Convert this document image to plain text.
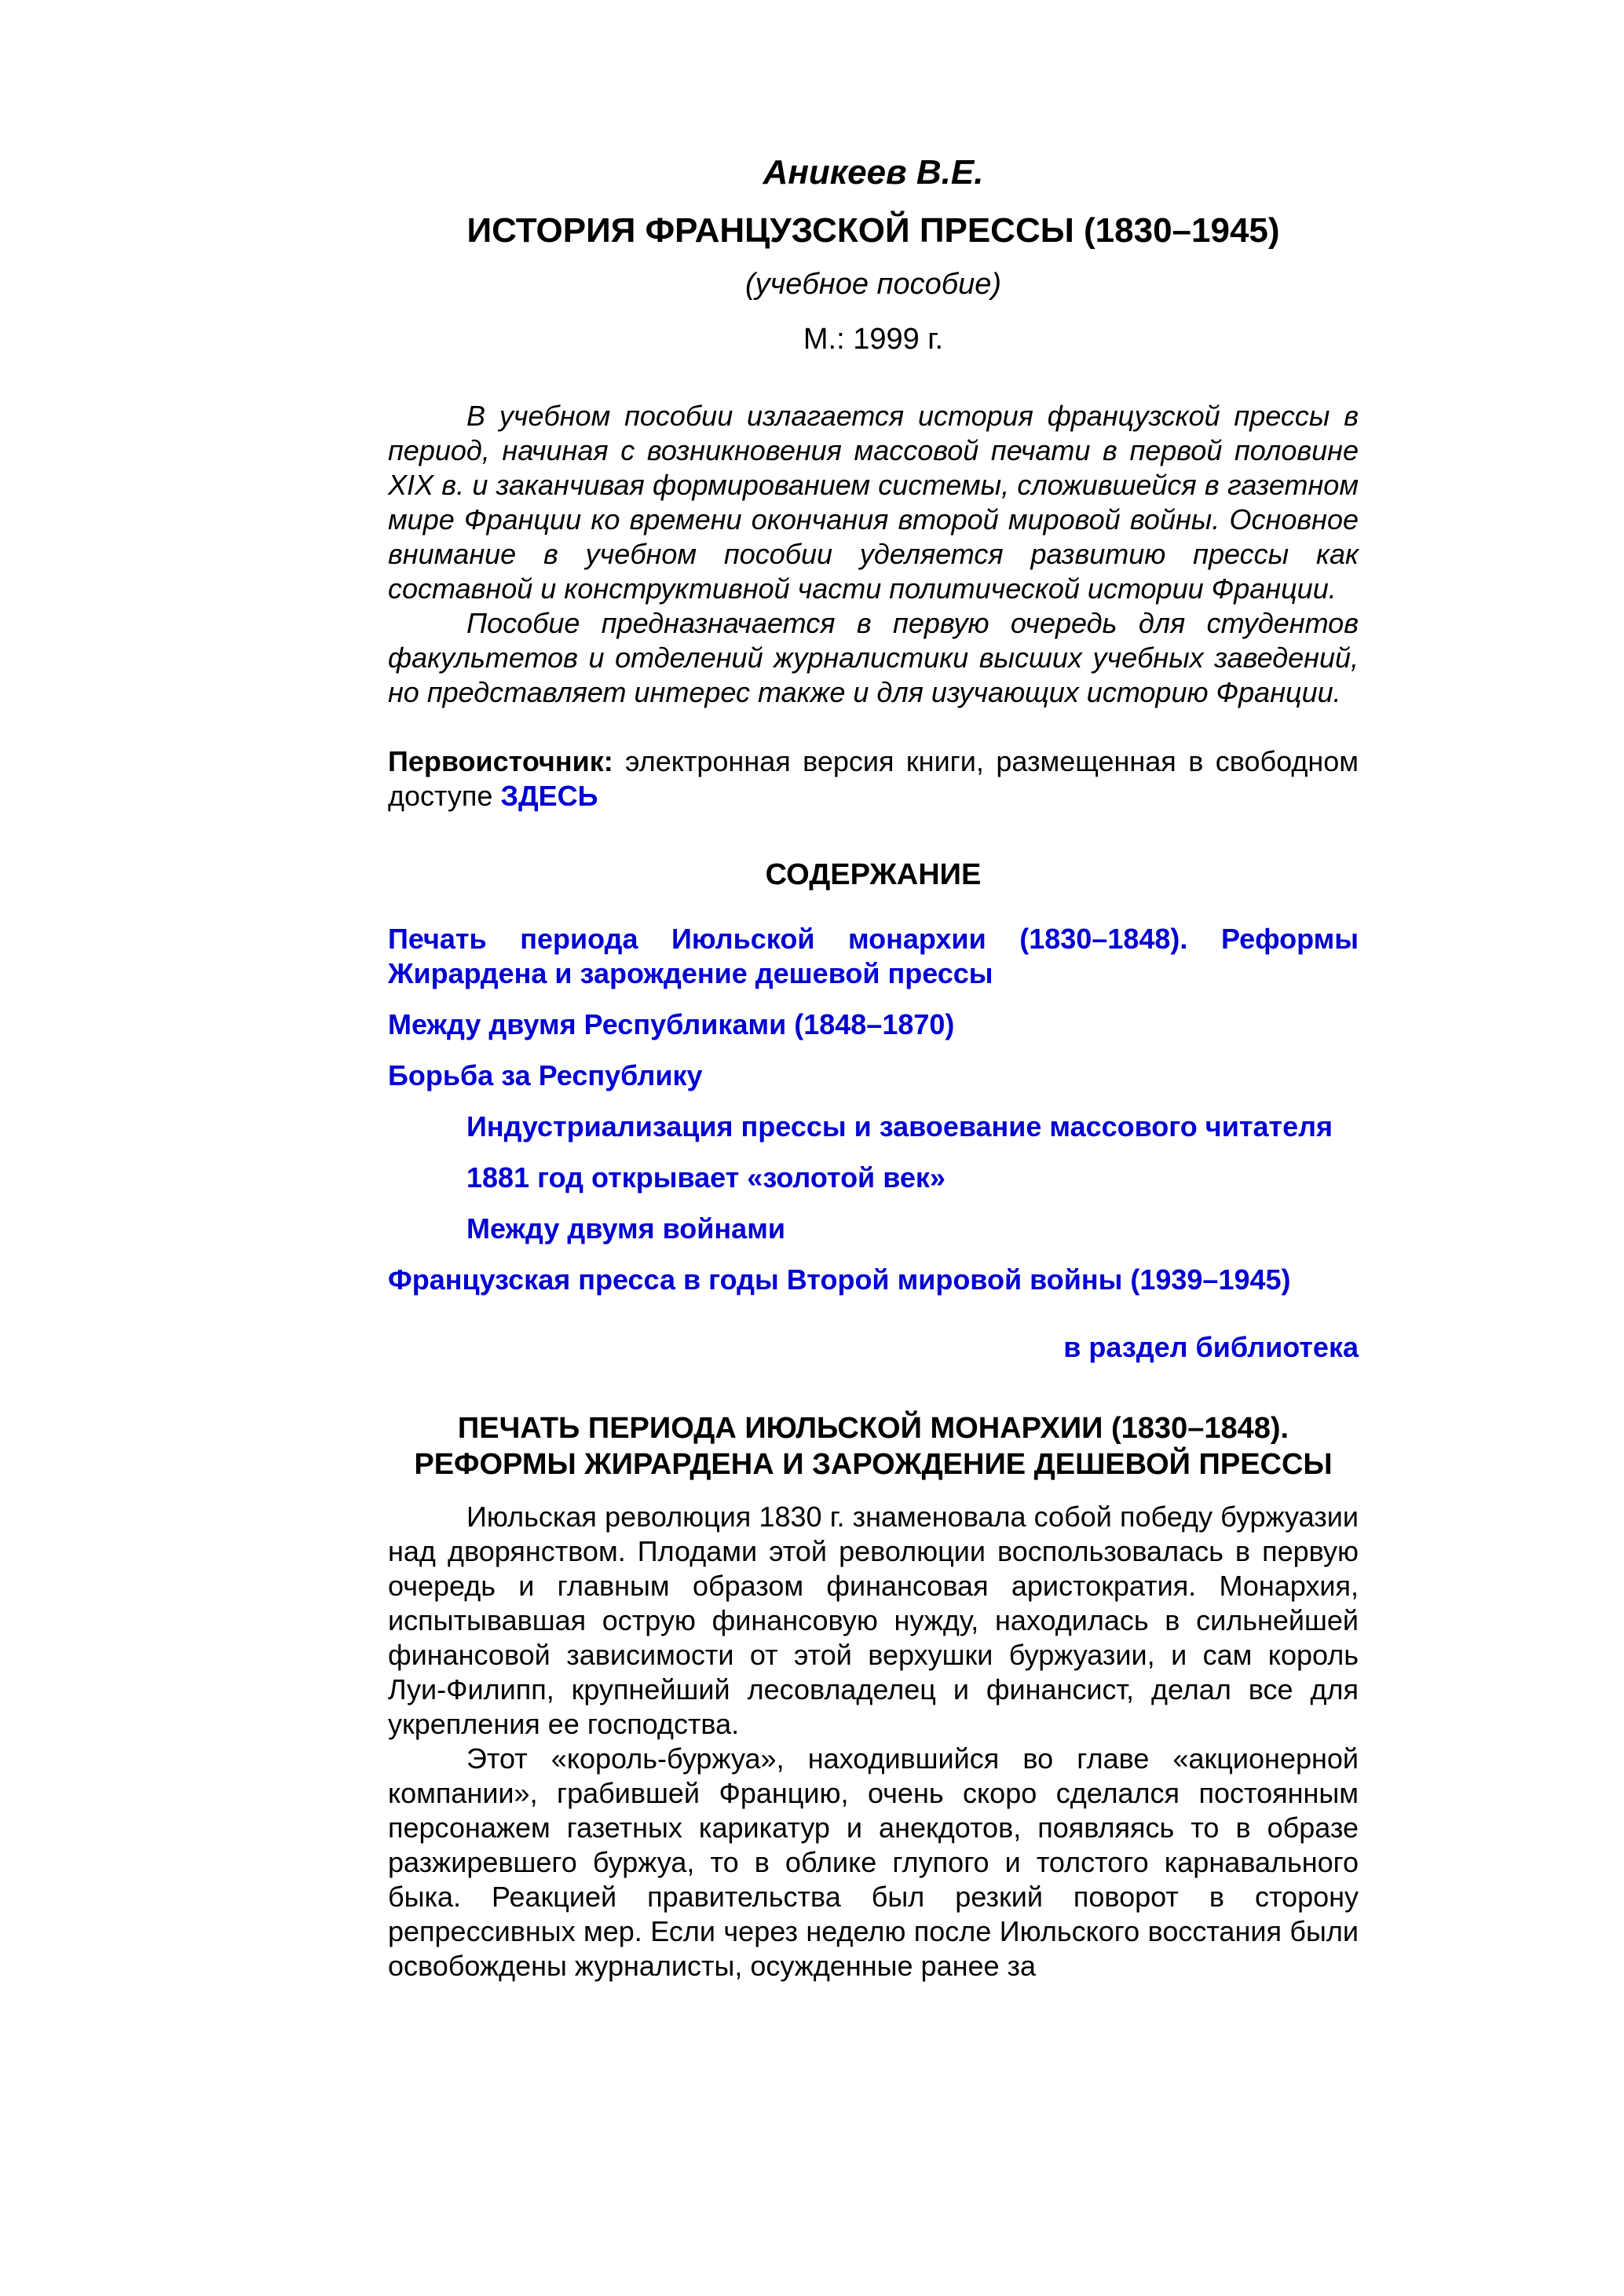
Аникеев В.Е.

ИСТОРИЯ ФРАНЦУЗСКОЙ ПРЕССЫ (1830–1945)

(учебное пособие)

М.: 1999 г.

В учебном пособии излагается история французской прессы в период, начиная с возникновения массовой печати в первой половине XIX в. и заканчивая формированием системы, сложившейся в газетном мире Франции ко времени окончания второй мировой войны. Основное внимание в учебном пособии уделяется развитию прессы как составной и конструктивной части политической истории Франции.

Пособие предназначается в первую очередь для студентов факультетов и отделений журналистики высших учебных заведений, но представляет интерес также и для изучающих историю Франции.

Первоисточник: электронная версия книги, размещенная в свободном доступе ЗДЕСЬ

СОДЕРЖАНИЕ

Печать периода Июльской монархии (1830–1848). Реформы Жирардена и зарождение дешевой прессы
Между двумя Республиками (1848–1870)
Борьба за Республику
Индустриализация прессы и завоевание массового читателя
1881 год открывает «золотой век»
Между двумя войнами
Французская пресса в годы Второй мировой войны (1939–1945)
в раздел библиотека

ПЕЧАТЬ ПЕРИОДА ИЮЛЬСКОЙ МОНАРХИИ (1830–1848). РЕФОРМЫ ЖИРАРДЕНА И ЗАРОЖДЕНИЕ ДЕШЕВОЙ ПРЕССЫ

Июльская революция 1830 г. знаменовала собой победу буржуазии над дворянством. Плодами этой революции воспользовалась в первую очередь и главным образом финансовая аристократия. Монархия, испытывавшая острую финансовую нужду, находилась в сильнейшей финансовой зависимости от этой верхушки буржуазии, и сам король Луи-Филипп, крупнейший лесовладелец и финансист, делал все для укрепления ее господства.

Этот «король-буржуа», находившийся во главе «акционерной компании», грабившей Францию, очень скоро сделался постоянным персонажем газетных карикатур и анекдотов, появляясь то в образе разжиревшего буржуа, то в облике глупого и толстого карнавального быка. Реакцией правительства был резкий поворот в сторону репрессивных мер. Если через неделю после Июльского восстания были освобождены журналисты, осужденные ранее за
